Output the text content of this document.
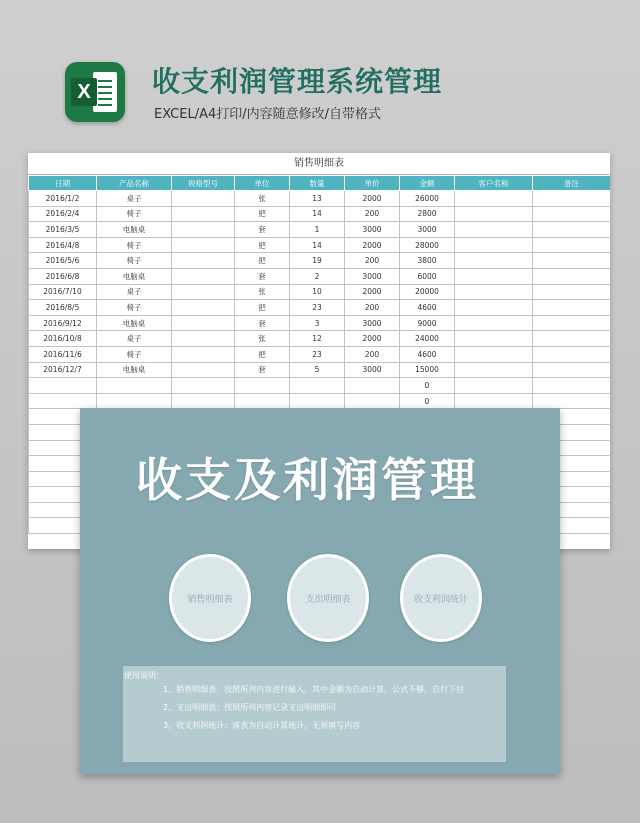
X 收支利润管理系统管理
EXCEL/A4打印/内容随意修改/自带格式
销售明细表
日期	产品名称	规格型号	单位	数量	单价	金额	客户名称	备注
2016/1/2	桌子		张	13	2000	26000		
2016/2/4	椅子		把	14	200	2800		
2016/3/5	电脑桌		套	1	3000	3000		
2016/4/8	椅子		把	14	2000	28000		
2016/5/6	椅子		把	19	200	3800		
2016/6/8	电脑桌		套	2	3000	6000		
2016/7/10	桌子		张	10	2000	20000		
2016/8/5	椅子		把	23	200	4600		
2016/9/12	电脑桌		套	3	3000	9000		
2016/10/8	桌子		张	12	2000	24000		
2016/11/6	椅子		把	23	200	4600		
2016/12/7	电脑桌		套	5	3000	15000		
						0		
						0		

收支及利润管理
销售明细表	支出明细表	收支利润统计

使用说明：

1、销售明细表：按照所列内容进行输入，其中金额为自动计算，公式不够，自行下拉

2、支出明细表：按照所列内容记录支出明细即可

3、收支利润统计：该表为自动计算统计，无须填写内容
